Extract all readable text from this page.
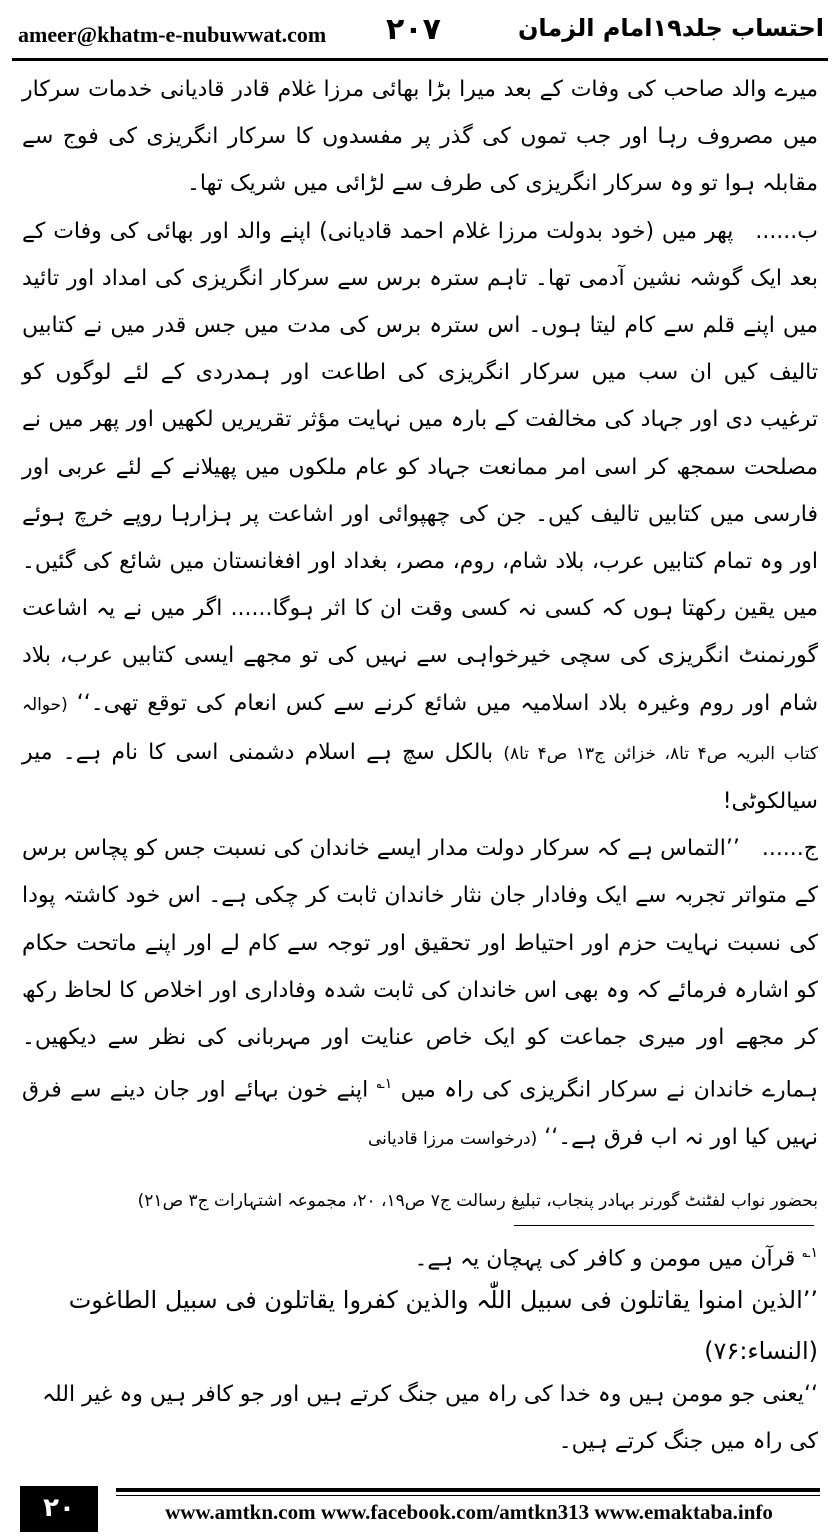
ameer@khatm-e-nubuwwat.com ۲۰۷	احتساب جلد۱۹امام الزمان

میرے والد صاحب کی وفات کے بعد میرا بڑا بھائی مرزا غلام قادر قادیانی خدمات سرکار میں مصروف رہا اور جب تموں کی گذر پر مفسدوں کا سرکار انگریزی کی فوج سے مقابلہ ہوا تو وہ سرکار انگریزی کی طرف سے لڑائی میں شریک تھا۔

ب......پھر میں (خود بدولت مرزا غلام احمد قادیانی) اپنے والد اور بھائی کی وفات کے بعد ایک گوشہ نشین آدمی تھا۔ تاہم سترہ برس سے سرکار انگریزی کی امداد اور تائید میں اپنے قلم سے کام لیتا ہوں۔ اس سترہ برس کی مدت میں جس قدر میں نے کتابیں تالیف کیں ان سب میں سرکار انگریزی کی اطاعت اور ہمدردی کے لئے لوگوں کو ترغیب دی اور جہاد کی مخالفت کے بارہ میں نہایت مؤثر تقریریں لکھیں اور پھر میں نے مصلحت سمجھ کر اسی امر ممانعت جہاد کو عام ملکوں میں پھیلانے کے لئے عربی اور فارسی میں کتابیں تالیف کیں۔ جن کی چھپوائی اور اشاعت پر ہزارہا روپے خرچ ہوئے اور وہ تمام کتابیں عرب، بلاد شام، روم، مصر، بغداد اور افغانستان میں شائع کی گئیں۔ میں یقین رکھتا ہوں کہ کسی نہ کسی وقت ان کا اثر ہوگا...... اگر میں نے یہ اشاعت گورنمنٹ انگریزی کی سچی خیرخواہی سے نہیں کی تو مجھے ایسی کتابیں عرب، بلاد شام اور روم وغیرہ بلاد اسلامیہ میں شائع کرنے سے کس انعام کی توقع تھی۔‘‘ (حوالہ کتاب البریہ ص۴ تا۸، خزائن ج۱۳ ص۴ تا۸) بالکل سچ ہے اسلام دشمنی اسی کا نام ہے۔ میر سیالکوٹی!

ج......’’التماس ہے کہ سرکار دولت مدار ایسے خاندان کی نسبت جس کو پچاس برس کے متواتر تجربہ سے ایک وفادار جان نثار خاندان ثابت کر چکی ہے۔ اس خود کاشتہ پودا کی نسبت نہایت حزم اور احتیاط اور تحقیق اور توجہ سے کام لے اور اپنے ماتحت حکام کو اشارہ فرمائے کہ وہ بھی اس خاندان کی ثابت شدہ وفاداری اور اخلاص کا لحاظ رکھ کر مجھے اور میری جماعت کو ایک خاص عنایت اور مہربانی کی نظر سے دیکھیں۔ ہمارے خاندان نے سرکار انگریزی کی راہ میں $^{۱؎}$ اپنے خون بہائے اور جان دینے سے فرق نہیں کیا اور نہ اب فرق ہے۔‘‘ (درخواست مرزا قادیانی

بحضور نواب لفٹنٹ گورنر بہادر پنجاب، تبلیغ رسالت ج۷ ص۱۹، ۲۰، مجموعہ اشتہارات ج۳ ص۲۱)
$^{۱؎}$ قرآن میں مومن و کافر کی پہچان یہ ہے۔
’’الذین امنوا یقاتلون فی سبیل اللّٰہ والذین کفروا یقاتلون فی سبیل الطاغوت (النساء:۷۶)
‘‘یعنی جو مومن ہیں وہ خدا کی راہ میں جنگ کرتے ہیں اور جو کافر ہیں وہ غیر اللہ کی راہ میں جنگ کرتے ہیں۔
۲۰	www.amtkn.com www.facebook.com/amtkn313 www.emaktaba.info
